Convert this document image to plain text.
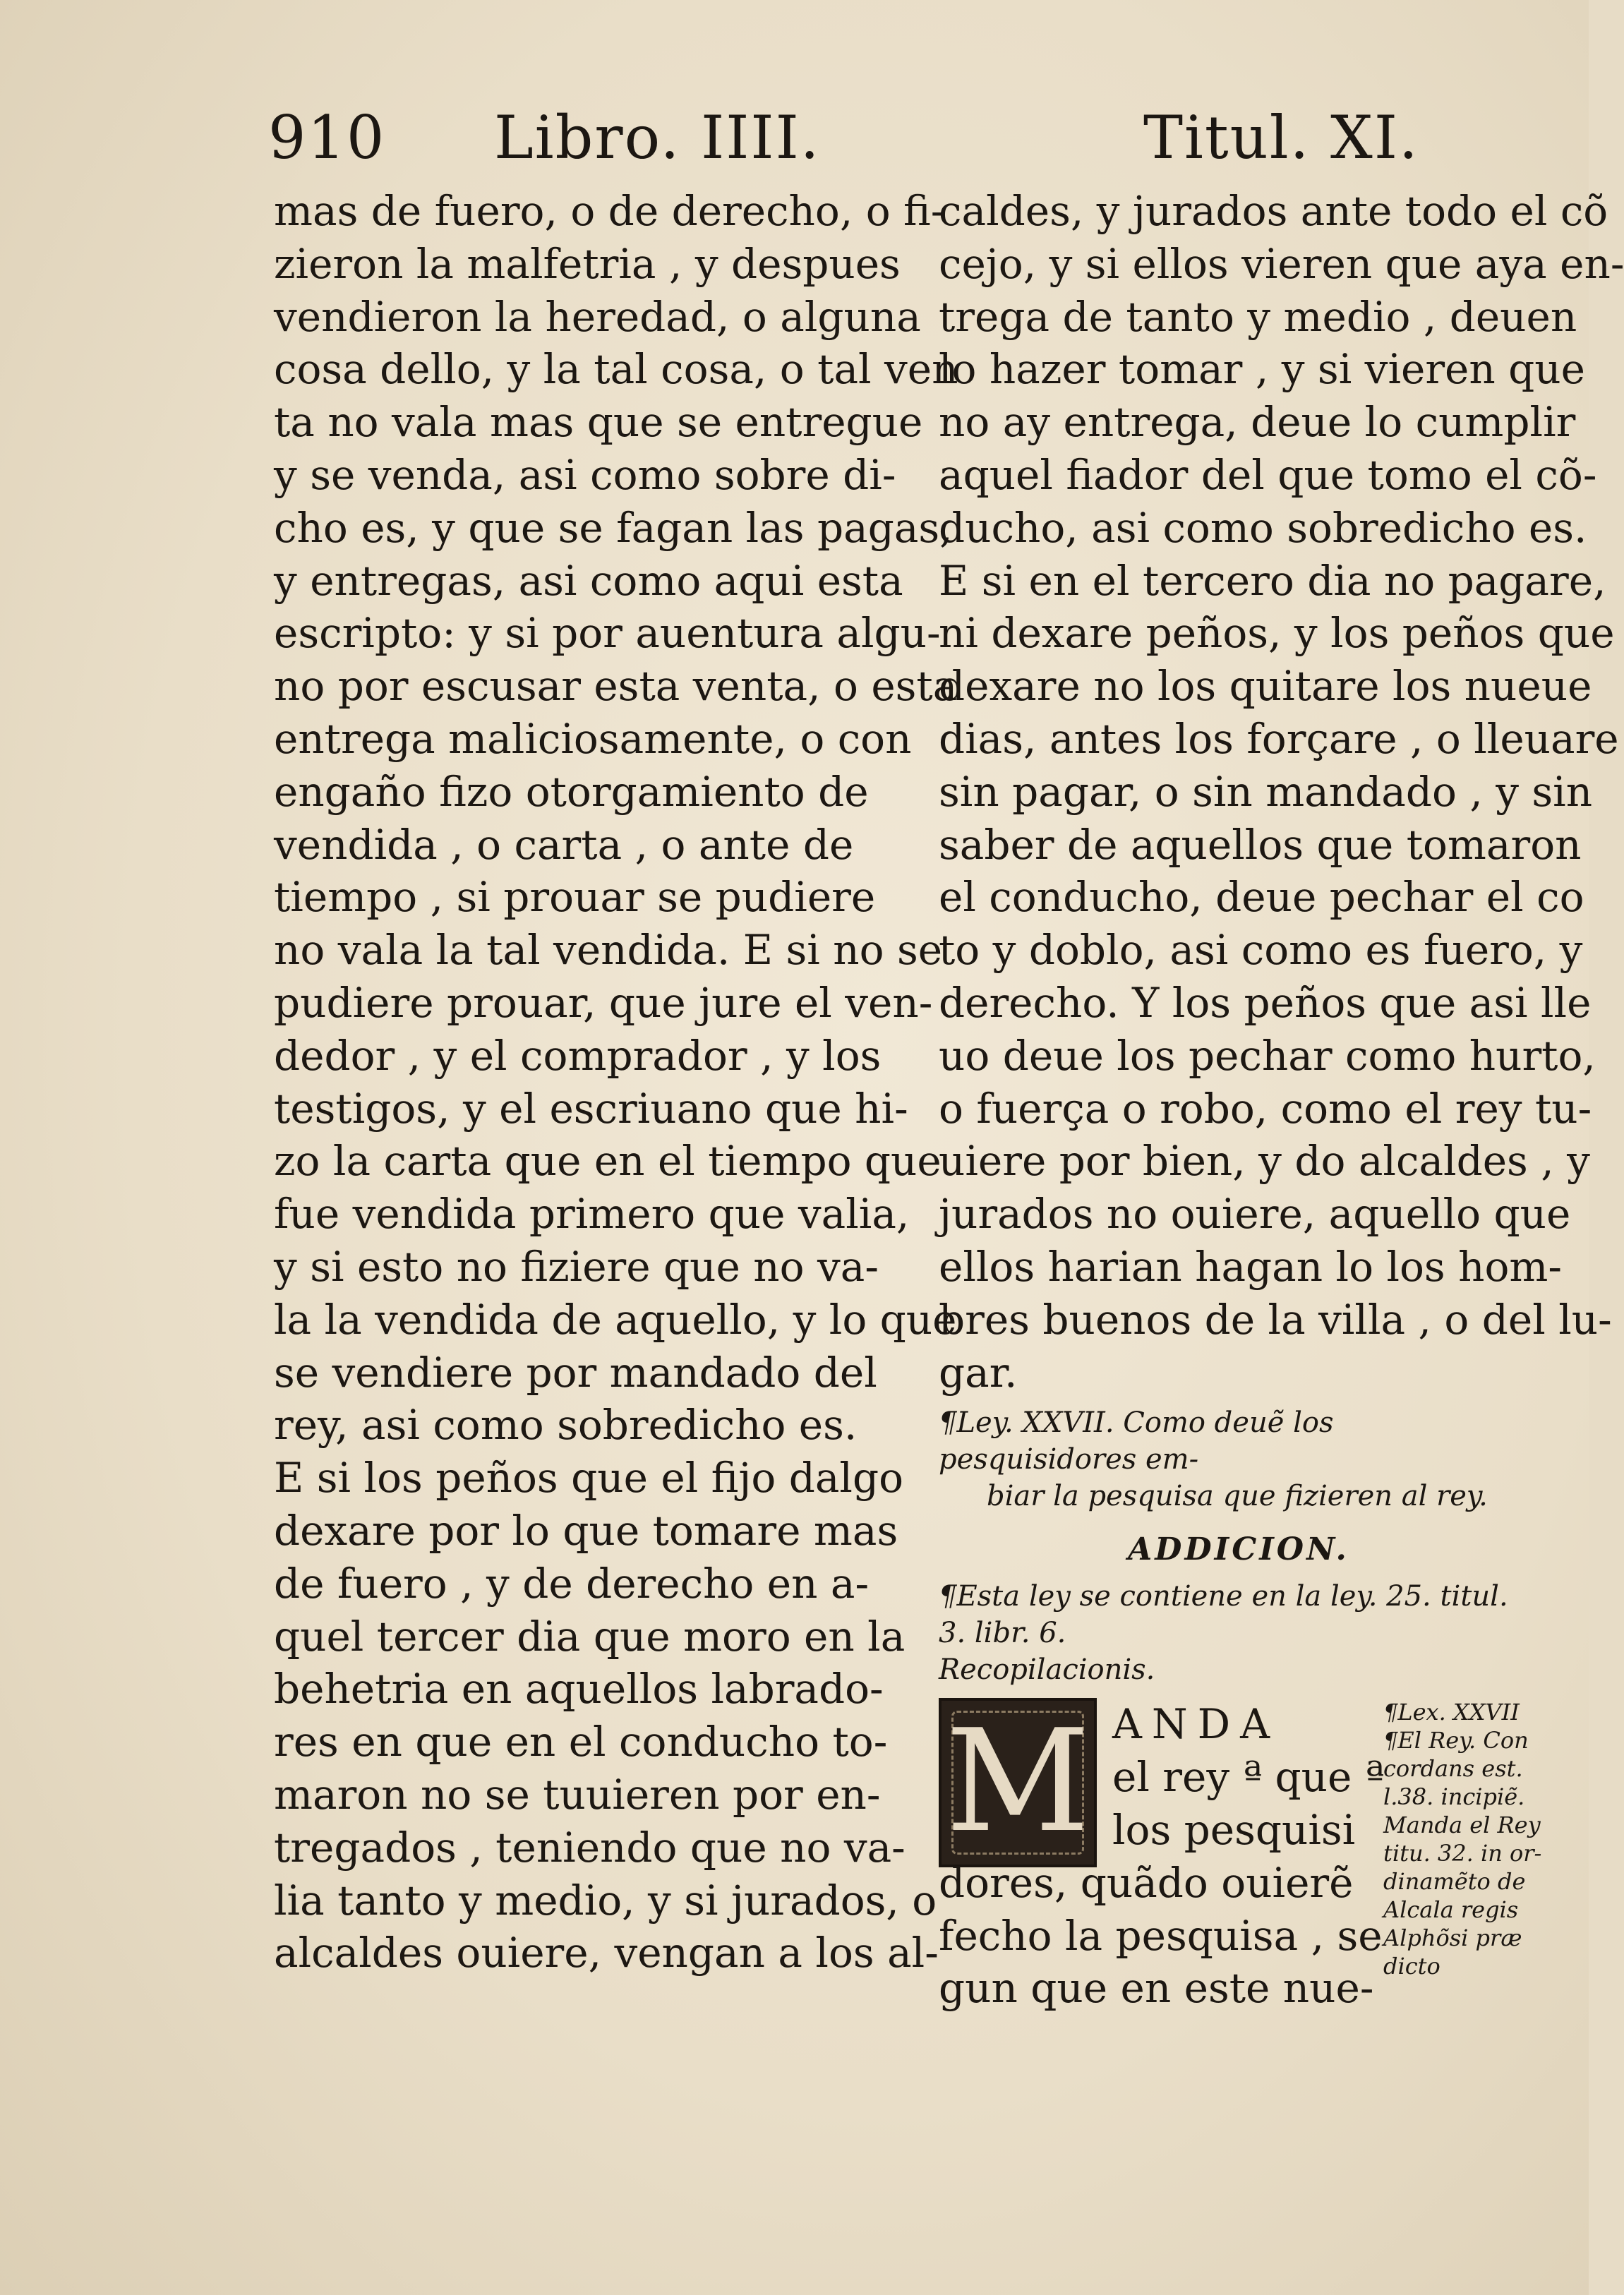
910 Libro. IIII.	Titul. XI.
mas de fuero, o de derecho, o fi-
zieron la malfetria , y despues
vendieron la heredad, o alguna
cosa dello, y la tal cosa, o tal ven
ta no vala mas que se entregue
y se venda, asi como sobre di-
cho es, y que se fagan las pagas,
y entregas, asi como aqui esta
escripto: y si por auentura algu-
no por escusar esta venta, o esta
entrega maliciosamente, o con
engaño fizo otorgamiento de
vendida , o carta , o ante de
tiempo , si prouar se pudiere
no vala la tal vendida. E si no se
pudiere prouar, que jure el ven-
dedor , y el comprador , y los
testigos, y el escriuano que hi-
zo la carta que en el tiempo que
fue vendida primero que valia,
y si esto no fiziere que no va-
la la vendida de aquello, y lo que
se vendiere por mandado del
rey, asi como sobredicho es.
E si los peños que el fijo dalgo
dexare por lo que tomare mas
de fuero , y de derecho en a-
quel tercer dia que moro en la
behetria en aquellos labrado-
res en que en el conducho to-
maron no se tuuieren por en-
tregados , teniendo que no va-
lia tanto y medio, y si jurados, o
alcaldes ouiere, vengan a los al-
caldes, y jurados ante todo el cõ
cejo, y si ellos vieren que aya en-
trega de tanto y medio , deuen
lo hazer tomar , y si vieren que
no ay entrega, deue lo cumplir
aquel fiador del que tomo el cõ-
ducho, asi como sobredicho es.
E si en el tercero dia no pagare,
ni dexare peños, y los peños que
dexare no los quitare los nueue
dias, antes los forçare , o lleuare
sin pagar, o sin mandado , y sin
saber de aquellos que tomaron
el conducho, deue pechar el co
to y doblo, asi como es fuero, y
derecho. Y los peños que asi lle
uo deue los pechar como hurto,
o fuerça o robo, como el rey tu-
uiere por bien, y do alcaldes , y
jurados no ouiere, aquello que
ellos harian hagan lo los hom-
bres buenos de la villa , o del lu-
gar.
¶Ley. XXVII. Como deuẽ los pesquisidores em-
biar la pesquisa que fizieren al rey.
ADDICION.
¶Esta ley se contiene en la ley. 25. titul. 3. libr. 6.
Recopilacionis.
M ANDA
el rey ª que ª
los pesquisi
dores, quãdo ouierẽ
fecho la pesquisa , se
gun que en este nue-
¶Lex. XXVII
¶El Rey. Con
cordans est.
l.38. incipiẽ.
Manda el Rey
titu. 32. in or-
dinamẽto de
Alcala regis
Alphõsi præ
dicto
